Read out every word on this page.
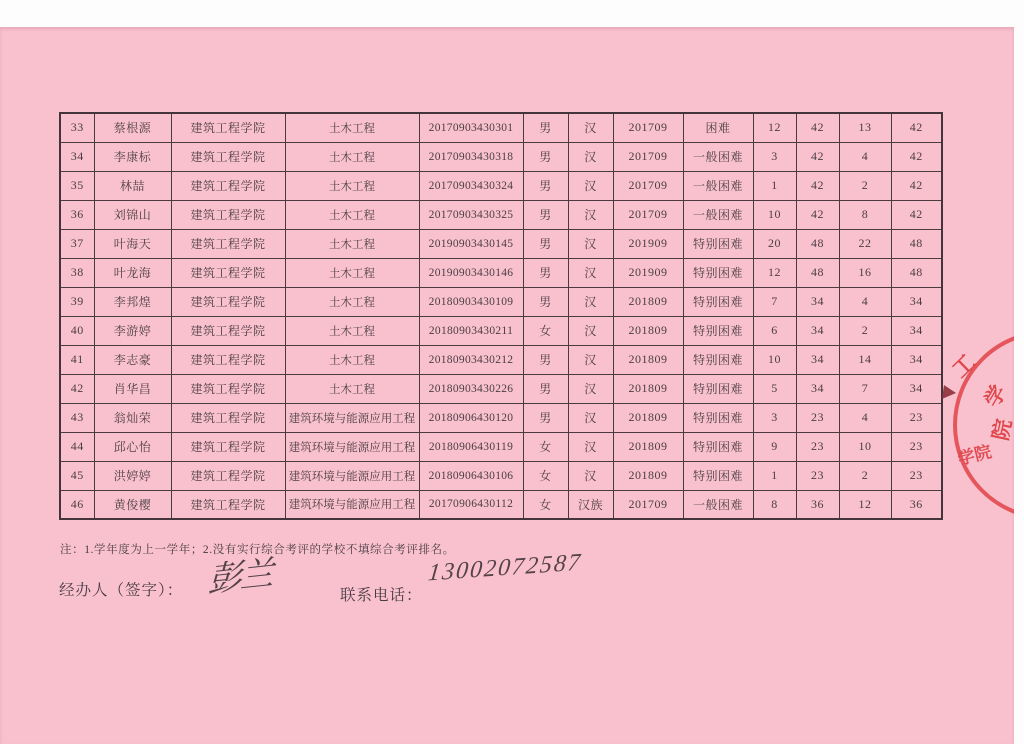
33	蔡根源	建筑工程学院	土木工程	20170903430301	男	汉	201709	困难	12	42	13	42
34	李康标	建筑工程学院	土木工程	20170903430318	男	汉	201709	一般困难	3	42	4	42
35	林喆	建筑工程学院	土木工程	20170903430324	男	汉	201709	一般困难	1	42	2	42
36	刘锦山	建筑工程学院	土木工程	20170903430325	男	汉	201709	一般困难	10	42	8	42
37	叶海天	建筑工程学院	土木工程	20190903430145	男	汉	201909	特别困难	20	48	22	48
38	叶龙海	建筑工程学院	土木工程	20190903430146	男	汉	201909	特别困难	12	48	16	48
39	李邦煌	建筑工程学院	土木工程	20180903430109	男	汉	201809	特别困难	7	34	4	34
40	李游婷	建筑工程学院	土木工程	20180903430211	女	汉	201809	特别困难	6	34	2	34
41	李志豪	建筑工程学院	土木工程	20180903430212	男	汉	201809	特别困难	10	34	14	34
42	肖华昌	建筑工程学院	土木工程	20180903430226	男	汉	201809	特别困难	5	34	7	34
43	翁灿荣	建筑工程学院	建筑环境与能源应用工程	20180906430120	男	汉	201809	特别困难	3	23	4	23
44	邱心怡	建筑工程学院	建筑环境与能源应用工程	20180906430119	女	汉	201809	特别困难	9	23	10	23
45	洪婷婷	建筑工程学院	建筑环境与能源应用工程	20180906430106	女	汉	201809	特别困难	1	23	2	23
46	黄俊樱	建筑工程学院	建筑环境与能源应用工程	20170906430112	女	汉族	201709	一般困难	8	36	12	36
注：1.学年度为上一学年；2.没有实行综合考评的学校不填综合考评排名。
经办人（签字）： 彭兰	联系电话：
13002072587
工
学
院
学院
